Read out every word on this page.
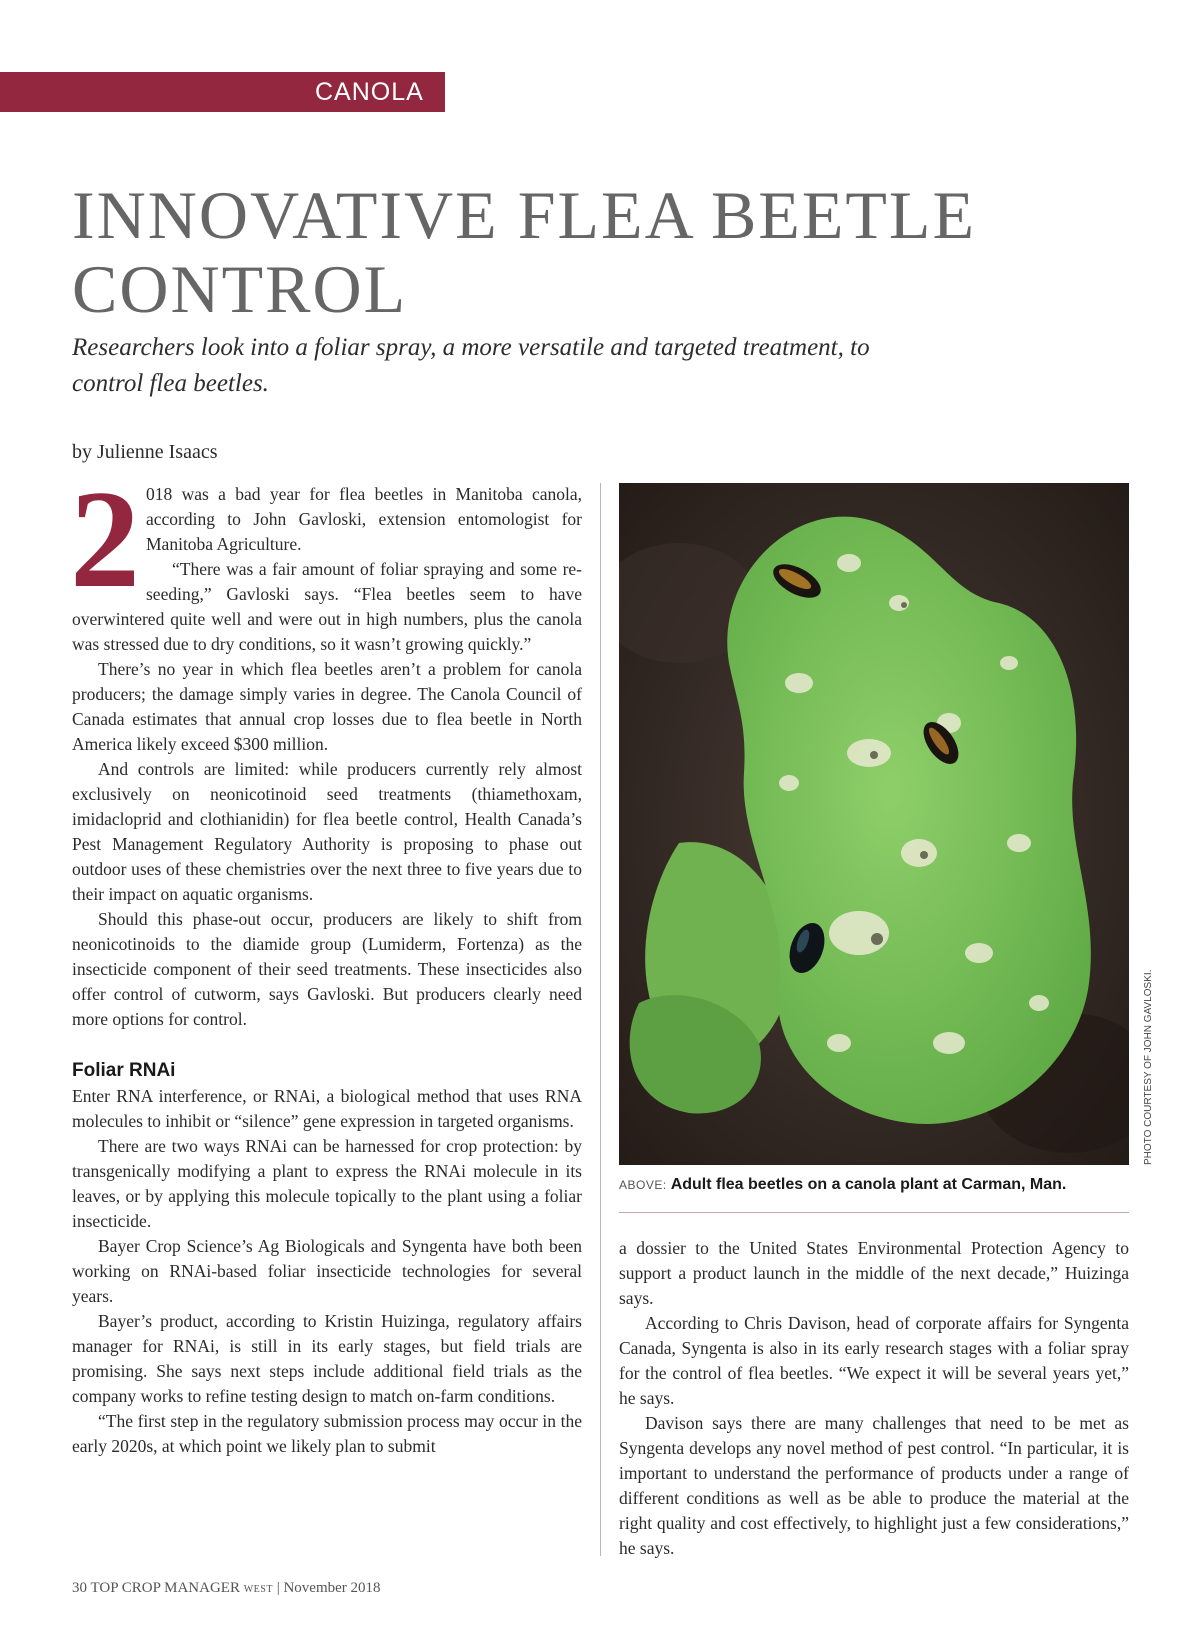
CANOLA
INNOVATIVE FLEA BEETLE CONTROL

Researchers look into a foliar spray, a more versatile and targeted treatment, to control flea beetles.

by Julienne Isaacs

2 018 was a bad year for flea beetles in Manitoba canola, according to John Gavloski, extension entomologist for Manitoba Agriculture.

“There was a fair amount of foliar spraying and some re-seeding,” Gavloski says. “Flea beetles seem to have overwintered quite well and were out in high numbers, plus the canola was stressed due to dry conditions, so it wasn’t growing quickly.”

There’s no year in which flea beetles aren’t a problem for canola producers; the damage simply varies in degree. The Canola Council of Canada estimates that annual crop losses due to flea beetle in North America likely exceed $300 million.

And controls are limited: while producers currently rely almost exclusively on neonicotinoid seed treatments (thiamethoxam, imidacloprid and clothianidin) for flea beetle control, Health Canada’s Pest Management Regulatory Authority is proposing to phase out outdoor uses of these chemistries over the next three to five years due to their impact on aquatic organisms.

Should this phase-out occur, producers are likely to shift from neonicotinoids to the diamide group (Lumiderm, Fortenza) as the insecticide component of their seed treatments. These insecticides also offer control of cutworm, says Gavloski. But producers clearly need more options for control.

Foliar RNAi

Enter RNA interference, or RNAi, a biological method that uses RNA molecules to inhibit or “silence” gene expression in targeted organisms.

There are two ways RNAi can be harnessed for crop protection: by transgenically modifying a plant to express the RNAi molecule in its leaves, or by applying this molecule topically to the plant using a foliar insecticide.

Bayer Crop Science’s Ag Biologicals and Syngenta have both been working on RNAi-based foliar insecticide technologies for several years.

Bayer’s product, according to Kristin Huizinga, regulatory affairs manager for RNAi, is still in its early stages, but field trials are promising. She says next steps include additional field trials as the company works to refine testing design to match on-farm conditions.

“The first step in the regulatory submission process may occur in the early 2020s, at which point we likely plan to submit

PHOTO COURTESY OF JOHN GAVLOSKI.
ABOVE: Adult flea beetles on a canola plant at Carman, Man.

a dossier to the United States Environmental Protection Agency to support a product launch in the middle of the next decade,” Huizinga says.

According to Chris Davison, head of corporate affairs for Syngenta Canada, Syngenta is also in its early research stages with a foliar spray for the control of flea beetles. “We expect it will be several years yet,” he says.

Davison says there are many challenges that need to be met as Syngenta develops any novel method of pest control. “In particular, it is important to understand the performance of products under a range of different conditions as well as be able to produce the material at the right quality and cost effectively, to highlight just a few considerations,” he says.

30 TOP CROP MANAGER WEST | November 2018
